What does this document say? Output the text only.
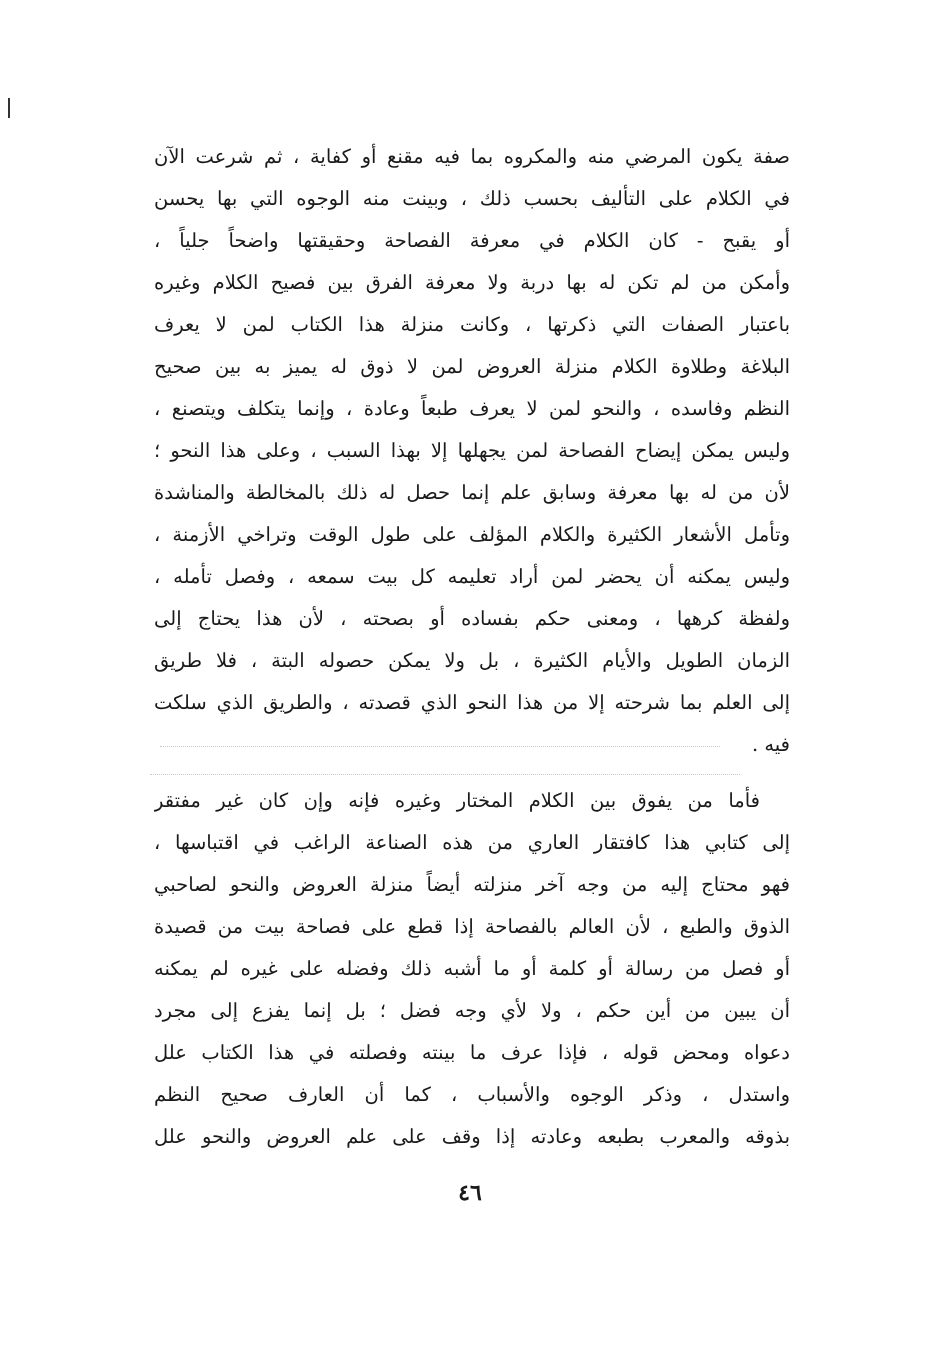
صفة يكون المرضي منه والمكروه بما فيه مقنع أو كفاية ، ثم شرعت الآن
في الكلام على التأليف بحسب ذلك ، وبينت منه الوجوه التي بها يحسن
أو يقبح - كان الكلام في معرفة الفصاحة وحقيقتها واضحاً جلياً ،
وأمكن من لم تكن له بها دربة ولا معرفة الفرق بين فصيح الكلام وغيره
باعتبار الصفات التي ذكرتها ، وكانت منزلة هذا الكتاب لمن لا يعرف
البلاغة وطلاوة الكلام منزلة العروض لمن لا ذوق له يميز به بين صحيح
النظم وفاسده ، والنحو لمن لا يعرف طبعاً وعادة ، وإنما يتكلف ويتصنع ،
وليس يمكن إيضاح الفصاحة لمن يجهلها إلا بهذا السبب ، وعلى هذا النحو ؛
لأن من له بها معرفة وسابق علم إنما حصل له ذلك بالمخالطة والمناشدة
وتأمل الأشعار الكثيرة والكلام المؤلف على طول الوقت وتراخي الأزمنة ،
وليس يمكنه أن يحضر لمن أراد تعليمه كل بيت سمعه ، وفصل تأمله ،
ولفظة كرهها ، ومعنى حكم بفساده أو بصحته ، لأن هذا يحتاج إلى
الزمان الطويل والأيام الكثيرة ، بل ولا يمكن حصوله البتة ، فلا طريق
إلى العلم بما شرحته إلا من هذا النحو الذي قصدته ، والطريق الذي سلكت
فيه .
فأما من يفوق بين الكلام المختار وغيره فإنه وإن كان غير مفتقر
إلى كتابي هذا كافتقار العاري من هذه الصناعة الراغب في اقتباسها ،
فهو محتاج إليه من وجه آخر منزلته أيضاً منزلة العروض والنحو لصاحبي
الذوق والطبع ، لأن العالم بالفصاحة إذا قطع على فصاحة بيت من قصيدة
أو فصل من رسالة أو كلمة أو ما أشبه ذلك وفضله على غيره لم يمكنه
أن يبين من أين حكم ، ولا لأي وجه فضل ؛ بل إنما يفزع إلى مجرد
دعواه ومحض قوله ، فإذا عرف ما بينته وفصلته في هذا الكتاب علل
واستدل ، وذكر الوجوه والأسباب ، كما أن العارف صحيح النظم
بذوقه والمعرب بطبعه وعادته إذا وقف على علم العروض والنحو علل
٤٦
